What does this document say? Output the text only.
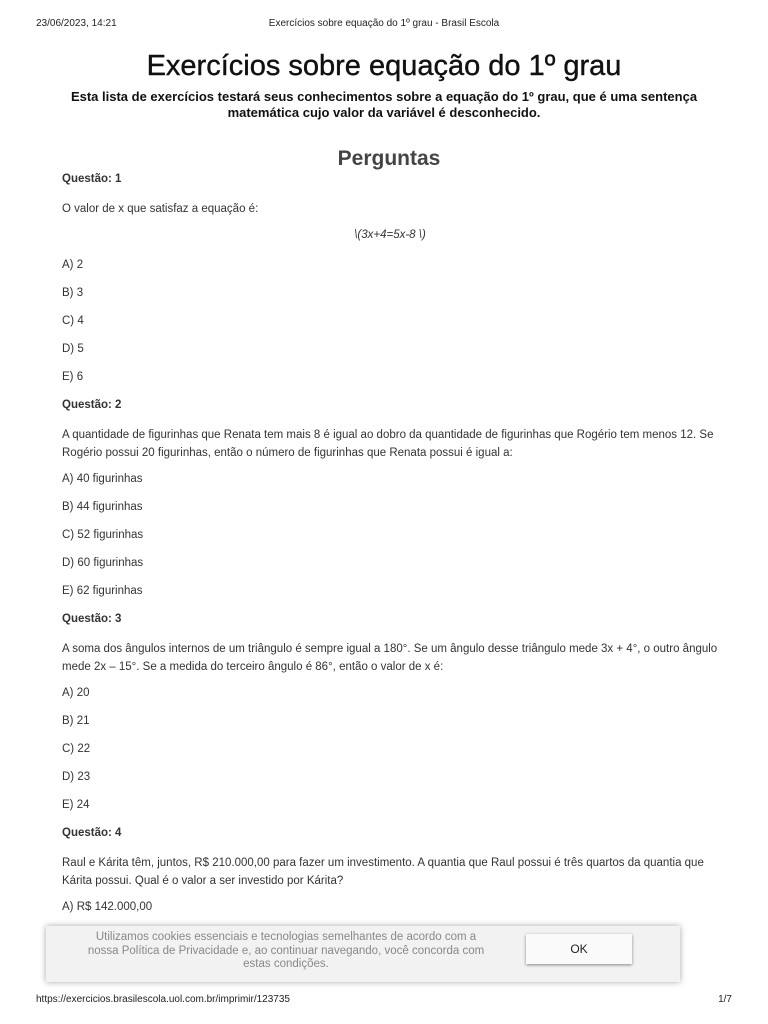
23/06/2023, 14:21	Exercícios sobre equação do 1º grau - Brasil Escola
Exercícios sobre equação do 1º grau
Esta lista de exercícios testará seus conhecimentos sobre a equação do 1º grau, que é uma sentença matemática cujo valor da variável é desconhecido.
Perguntas
Questão: 1
O valor de x que satisfaz a equação é:
\(3x+4=5x-8 \)
A) 2
B) 3
C) 4
D) 5
E) 6
Questão: 2
A quantidade de figurinhas que Renata tem mais 8 é igual ao dobro da quantidade de figurinhas que Rogério tem menos 12. Se Rogério possui 20 figurinhas, então o número de figurinhas que Renata possui é igual a:
A) 40 figurinhas
B) 44 figurinhas
C) 52 figurinhas
D) 60 figurinhas
E) 62 figurinhas
Questão: 3
A soma dos ângulos internos de um triângulo é sempre igual a 180°. Se um ângulo desse triângulo mede 3x + 4°, o outro ângulo mede 2x – 15°. Se a medida do terceiro ângulo é 86°, então o valor de x é:
A) 20
B) 21
C) 22
D) 23
E) 24
Questão: 4
Raul e Kárita têm, juntos, R$ 210.000,00 para fazer um investimento. A quantia que Raul possui é três quartos da quantia que Kárita possui. Qual é o valor a ser investido por Kárita?
A) R$ 142.000,00
Utilizamos cookies essenciais e tecnologias semelhantes de acordo com a nossa Política de Privacidade e, ao continuar navegando, você concorda com estas condições.
OK
https://exercicios.brasilescola.uol.com.br/imprimir/123735	1/7
